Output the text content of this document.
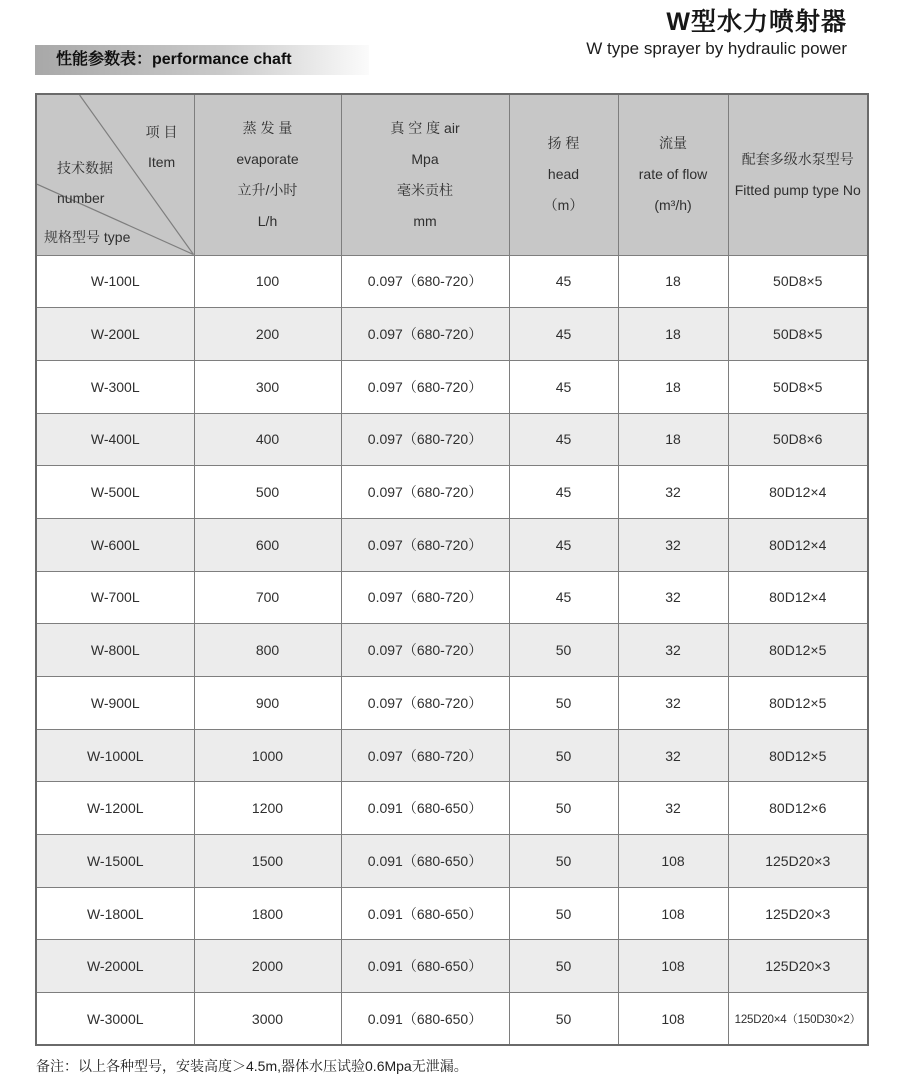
W型水力喷射器
W type sprayer by hydraulic power
性能参数表：performance chaft
项 目
Item
技术数据
number
规格型号 type

蒸 发 量
evaporate
立升/小时
L/h

真 空 度 air
Mpa
毫米贡柱
mm

扬 程
head
（m）

流量
rate of flow
(m³/h)

配套多级水泵型号
Fitted pump type No

W-100L	100	0.097（680-720）	45	18	50D8×5
W-200L	200	0.097（680-720）	45	18	50D8×5
W-300L	300	0.097（680-720）	45	18	50D8×5
W-400L	400	0.097（680-720）	45	18	50D8×6
W-500L	500	0.097（680-720）	45	32	80D12×4
W-600L	600	0.097（680-720）	45	32	80D12×4
W-700L	700	0.097（680-720）	45	32	80D12×4
W-800L	800	0.097（680-720）	50	32	80D12×5
W-900L	900	0.097（680-720）	50	32	80D12×5
W-1000L	1000	0.097（680-720）	50	32	80D12×5
W-1200L	1200	0.091（680-650）	50	32	80D12×6
W-1500L	1500	0.091（680-650）	50	108	125D20×3
W-1800L	1800	0.091（680-650）	50	108	125D20×3
W-2000L	2000	0.091（680-650）	50	108	125D20×3
W-3000L	3000	0.091（680-650）	50	108	125D20×4（150D30×2）
备注：以上各种型号，安装高度＞4.5m,器体水压试验0.6Mpa无泄漏。
